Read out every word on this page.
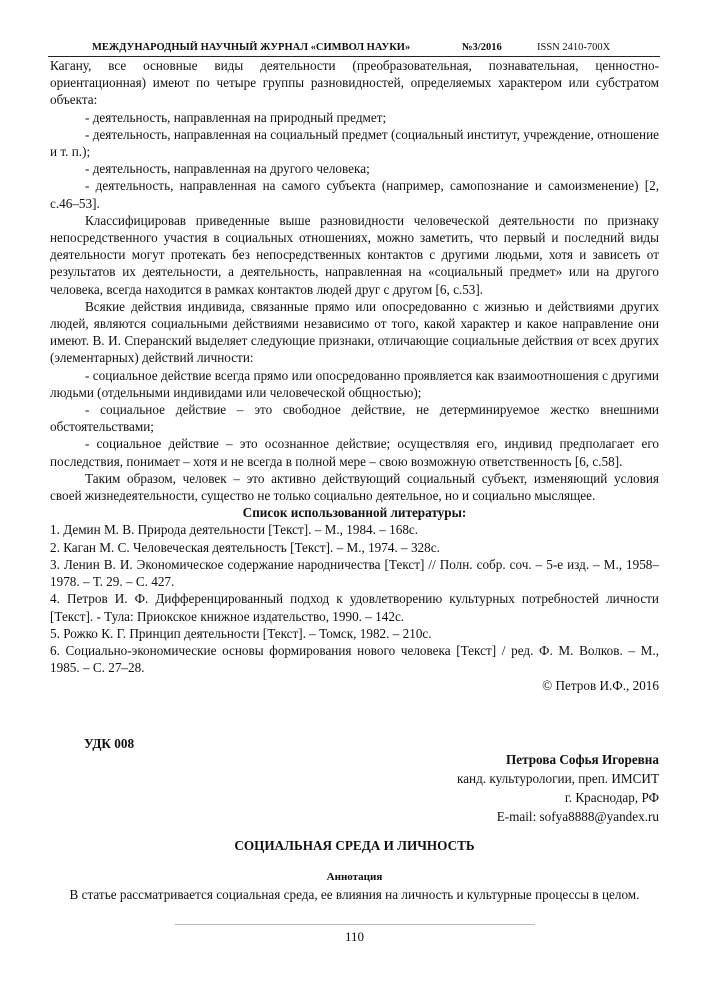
МЕЖДУНАРОДНЫЙ НАУЧНЫЙ ЖУРНАЛ «СИМВОЛ НАУКИ»	№3/2016	ISSN 2410-700Х

Кагану, все основные виды деятельности (преобразовательная, познавательная, ценностно-ориентационная) имеют по четыре группы разновидностей, определяемых характером или субстратом объекта:

- деятельность, направленная на природный предмет;

- деятельность, направленная на социальный предмет (социальный институт, учреждение, отношение и т. п.);

- деятельность, направленная на другого человека;

- деятельность, направленная на самого субъекта (например, самопознание и самоизменение) [2, с.46–53].

Классифицировав приведенные выше разновидности человеческой деятельности по признаку непосредственного участия в социальных отношениях, можно заметить, что первый и последний виды деятельности могут протекать без непосредственных контактов с другими людьми, хотя и зависеть от результатов их деятельности, а деятельность, направленная на «социальный предмет» или на другого человека, всегда находится в рамках контактов людей друг с другом [6, с.53].

Всякие действия индивида, связанные прямо или опосредованно с жизнью и действиями других людей, являются социальными действиями независимо от того, какой характер и какое направление они имеют. В. И. Сперанский выделяет следующие признаки, отличающие социальные действия от всех других (элементарных) действий личности:

- социальное действие всегда прямо или опосредованно проявляется как взаимоотношения с другими людьми (отдельными индивидами или человеческой общностью);

- социальное действие – это свободное действие, не детерминируемое жестко внешними обстоятельствами;

- социальное действие – это осознанное действие; осуществляя его, индивид предполагает его последствия, понимает – хотя и не всегда в полной мере – свою возможную ответственность [6, с.58].

Таким образом, человек – это активно действующий социальный субъект, изменяющий условия своей жизнедеятельности, существо не только социально деятельное, но и социально мыслящее.

Список использованной литературы:

1. Демин М. В. Природа деятельности [Текст]. – М., 1984. – 168с.

2. Каган М. С. Человеческая деятельность [Текст]. – М., 1974. – 328с.

3. Ленин В. И. Экономическое содержание народничества [Текст] // Полн. собр. соч. – 5-е изд. – М., 1958–1978. – Т. 29. – С. 427.

4. Петров И. Ф. Дифференцированный подход к удовлетворению культурных потребностей личности [Текст]. - Тула: Приокское книжное издательство, 1990. – 142с.

5. Рожко К. Г. Принцип деятельности [Текст]. – Томск, 1982. – 210с.

6. Социально-экономические основы формирования нового человека [Текст] / ред. Ф. М. Волков. – М., 1985. – С. 27–28.

© Петров И.Ф., 2016

УДК 008
Петрова Софья Игоревна
канд. культурологии, преп. ИМСИТ
г. Краснодар, РФ
E-mail: sofya8888@yandex.ru
СОЦИАЛЬНАЯ СРЕДА И ЛИЧНОСТЬ
Аннотация
В статье рассматривается социальная среда, ее влияния на личность и культурные процессы в целом.
110
